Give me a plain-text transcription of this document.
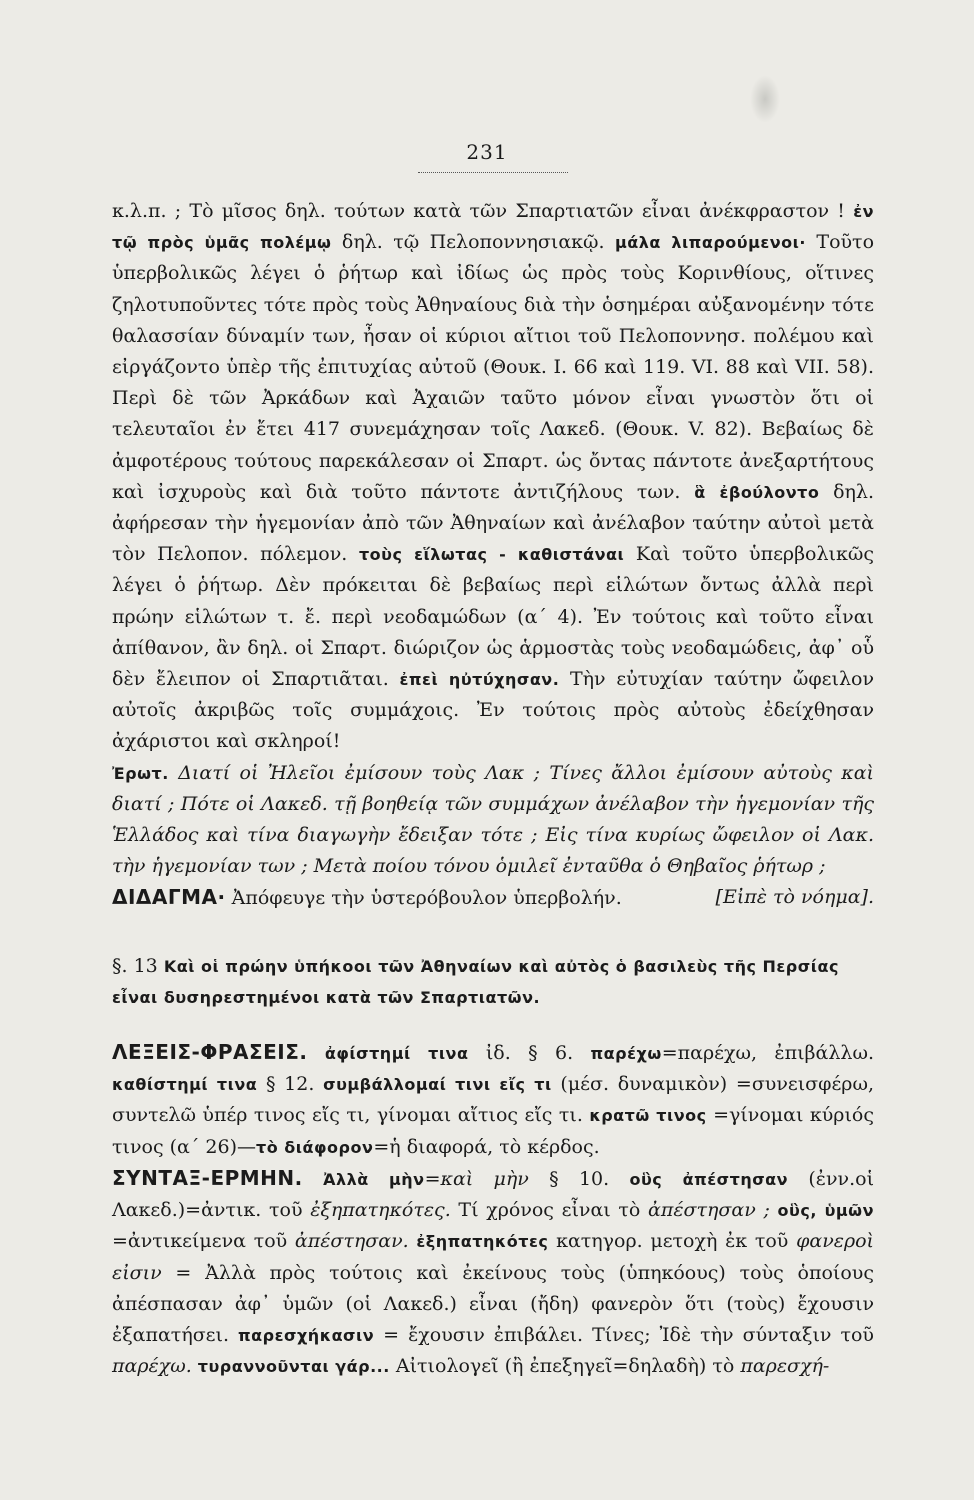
231

κ.λ.π. ; Τὸ μῖσος δηλ. τούτων κατὰ τῶν Σπαρτιατῶν εἶναι ἀνέκφραστον ! ἐν τῷ πρὸς ὑμᾶς πολέμῳ δηλ. τῷ Πελοποννησιακῷ. μάλα λιπαρούμενοι· Τοῦτο ὑπερβολικῶς λέγει ὁ ῥήτωρ καὶ ἰδίως ὡς πρὸς τοὺς Κορινθίους, οἵτινες ζηλοτυποῦντες τότε πρὸς τοὺς Ἀθηναίους διὰ τὴν ὁσημέραι αὐξανομένην τότε θαλασσίαν δύναμίν των, ἦσαν οἱ κύριοι αἴτιοι τοῦ Πελοποννησ. πολέμου καὶ εἰργάζοντο ὑπὲρ τῆς ἐπιτυχίας αὐτοῦ (Θουκ. I. 66 καὶ 119. VI. 88 καὶ VII. 58). Περὶ δὲ τῶν Ἀρκάδων καὶ Ἀχαιῶν ταῦτο μόνον εἶναι γνωστὸν ὅτι οἱ τελευταῖοι ἐν ἔτει 417 συνεμάχησαν τοῖς Λακεδ. (Θουκ. V. 82). Βεβαίως δὲ ἀμφοτέρους τούτους παρεκάλεσαν οἱ Σπαρτ. ὡς ὄντας πάντοτε ἀνεξαρτήτους καὶ ἰσχυροὺς καὶ διὰ τοῦτο πάντοτε ἀντιζήλους των. ἃ ἐβούλοντο δηλ. ἀφήρεσαν τὴν ἡγεμονίαν ἀπὸ τῶν Ἀθηναίων καὶ ἀνέλαβον ταύτην αὐτοὶ μετὰ τὸν Πελοπον. πόλεμον. τοὺς εἵλωτας - καθιστάναι Καὶ τοῦτο ὑπερβολικῶς λέγει ὁ ῥήτωρ. Δὲν πρόκειται δὲ βεβαίως περὶ εἱλώτων ὄντως ἀλλὰ περὶ πρώην εἱλώτων τ. ἔ. περὶ νεοδαμώδων (α΄ 4). Ἐν τούτοις καὶ τοῦτο εἶναι ἀπίθανον, ἂν δηλ. οἱ Σπαρτ. διώριζον ὡς ἁρμοστὰς τοὺς νεοδαμώδεις, ἀφ᾿ οὗ δὲν ἔλειπον οἱ Σπαρτιᾶται. ἐπεὶ ηὐτύχησαν. Τὴν εὐτυχίαν ταύτην ὤφειλον αὐτοῖς ἀκριβῶς τοῖς συμμάχοις. Ἐν τούτοις πρὸς αὐτοὺς ἐδείχθησαν ἀχάριστοι καὶ σκληροί!

Ἐρωτ. Διατί οἱ Ἠλεῖοι ἐμίσουν τοὺς Λακ ; Τίνες ἄλλοι ἐμίσουν αὐτοὺς καὶ διατί ; Πότε οἱ Λακεδ. τῇ βοηθείᾳ τῶν συμμάχων ἀνέλαβον τὴν ἡγεμονίαν τῆς Ἑλλάδος καὶ τίνα διαγωγὴν ἔδειξαν τότε ; Εἰς τίνα κυρίως ὤφειλον οἱ Λακ. τὴν ἡγεμονίαν των ; Μετὰ ποίου τόνου ὁμιλεῖ ἐνταῦθα ὁ Θηβαῖος ῥήτωρ ;

ΔΙΔΑΓΜΑ· Ἀπόφευγε τὴν ὑστερόβουλον ὑπερβολήν.	[Εἰπὲ τὸ νόημα].

§. 13 Καὶ οἱ πρώην ὑπήκοοι τῶν Ἀθηναίων καὶ αὐτὸς ὁ βασιλεὺς τῆς Περσίας εἶναι δυσηρεστημένοι κατὰ τῶν Σπαρτιατῶν.

ΛΕΞΕΙΣ-ΦΡΑΣΕΙΣ. ἀφίστημί τινα ἰδ. § 6. παρέχω=παρέχω, ἐπιβάλλω. καθίστημί τινα § 12. συμβάλλομαί τινι εἴς τι (μέσ. δυναμικὸν) =συνεισφέρω, συντελῶ ὑπέρ τινος εἴς τι, γίνομαι αἴτιος εἴς τι. κρατῶ τινος =γίνομαι κύριός τινος (α΄ 26)—τὸ διάφορον=ἡ διαφορά, τὸ κέρδος.

ΣΥΝΤΑΞ-ΕΡΜΗΝ. Ἀλλὰ μὴν=καὶ μὴν § 10. οὓς ἀπέστησαν (ἐνν.οἱ Λακεδ.)=ἀντικ. τοῦ ἐξηπατηκότες. Τί χρόνος εἶναι τὸ ἀπέστησαν ; οὓς, ὑμῶν =ἀντικείμενα τοῦ ἀπέστησαν. ἐξηπατηκότες κατηγορ. μετοχὴ ἐκ τοῦ φανεροὶ εἰσιν = Ἀλλὰ πρὸς τούτοις καὶ ἐκείνους τοὺς (ὑπηκόους) τοὺς ὁποίους ἀπέσπασαν ἀφ᾿ ὑμῶν (οἱ Λακεδ.) εἶναι (ἤδη) φανερὸν ὅτι (τοὺς) ἔχουσιν ἐξαπατήσει. παρεσχήκασιν = ἔχουσιν ἐπιβάλει. Τίνες; Ἰδὲ τὴν σύνταξιν τοῦ παρέχω. τυραννοῦνται γάρ... Αἰτιολογεῖ (ἢ ἐπεξηγεῖ=δηλαδὴ) τὸ παρεσχή-
